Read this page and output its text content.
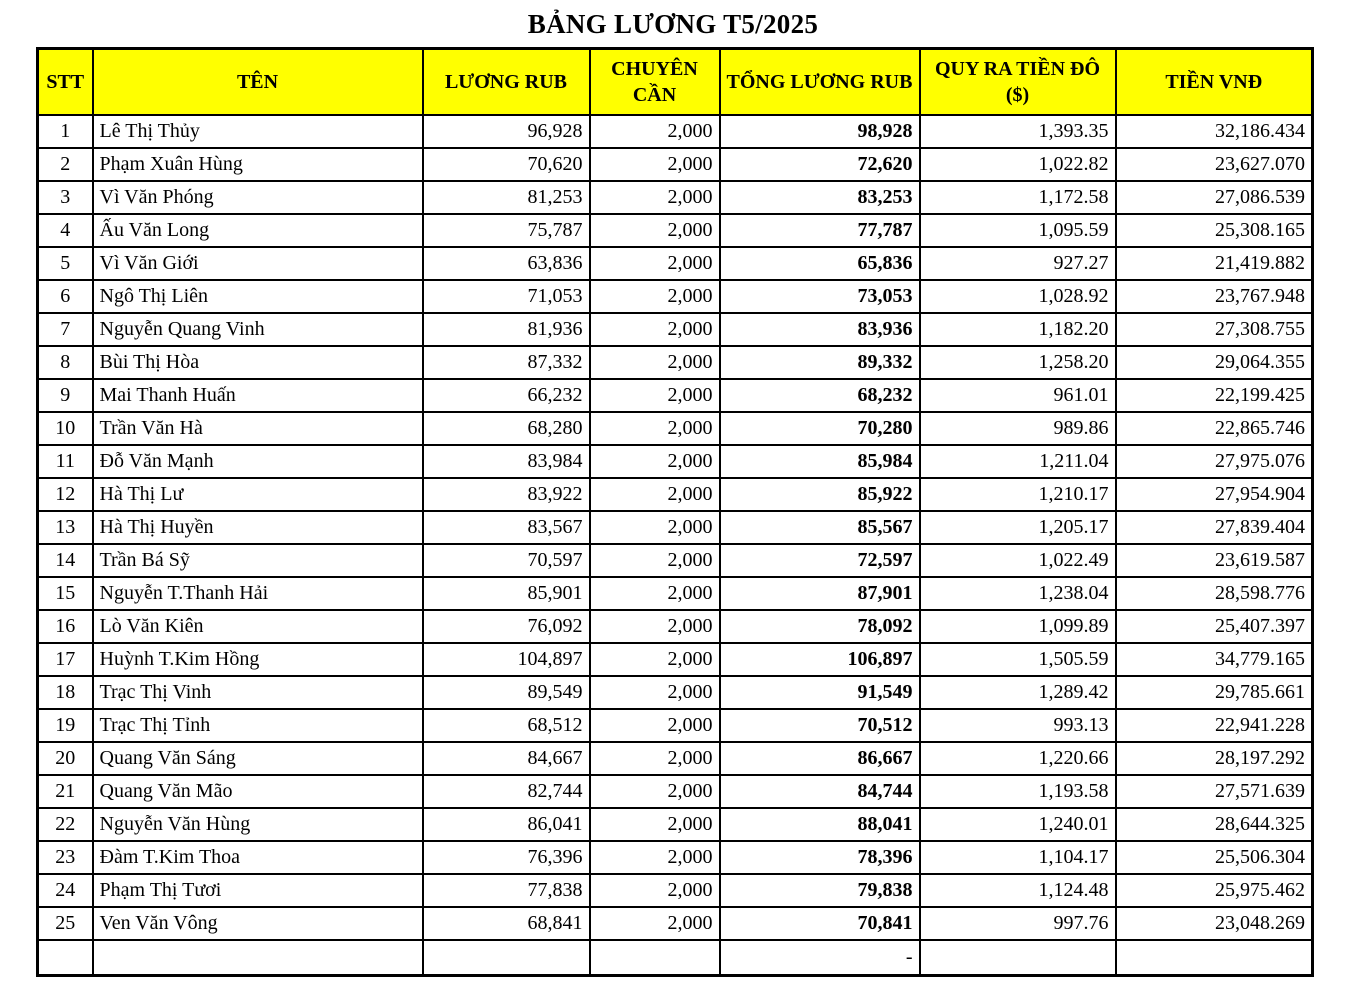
BẢNG LƯƠNG T5/2025
STT	TÊN	LƯƠNG RUB	CHUYÊN CẦN	TỔNG LƯƠNG RUB	QUY RA TIỀN ĐÔ ($)	TIỀN VNĐ
1	Lê Thị Thủy	96,928	2,000	98,928	1,393.35	32,186.434
2	Phạm Xuân Hùng	70,620	2,000	72,620	1,022.82	23,627.070
3	Vì Văn Phóng	81,253	2,000	83,253	1,172.58	27,086.539
4	Ấu Văn Long	75,787	2,000	77,787	1,095.59	25,308.165
5	Vì Văn Giới	63,836	2,000	65,836	927.27	21,419.882
6	Ngô Thị Liên	71,053	2,000	73,053	1,028.92	23,767.948
7	Nguyễn Quang Vinh	81,936	2,000	83,936	1,182.20	27,308.755
8	Bùi Thị Hòa	87,332	2,000	89,332	1,258.20	29,064.355
9	Mai Thanh Huấn	66,232	2,000	68,232	961.01	22,199.425
10	Trần Văn Hà	68,280	2,000	70,280	989.86	22,865.746
11	Đỗ Văn Mạnh	83,984	2,000	85,984	1,211.04	27,975.076
12	Hà Thị Lư	83,922	2,000	85,922	1,210.17	27,954.904
13	Hà Thị Huyền	83,567	2,000	85,567	1,205.17	27,839.404
14	Trần Bá Sỹ	70,597	2,000	72,597	1,022.49	23,619.587
15	Nguyễn T.Thanh Hải	85,901	2,000	87,901	1,238.04	28,598.776
16	Lò Văn Kiên	76,092	2,000	78,092	1,099.89	25,407.397
17	Huỳnh T.Kim Hồng	104,897	2,000	106,897	1,505.59	34,779.165
18	Trạc Thị Vinh	89,549	2,000	91,549	1,289.42	29,785.661
19	Trạc Thị Tỉnh	68,512	2,000	70,512	993.13	22,941.228
20	Quang Văn Sáng	84,667	2,000	86,667	1,220.66	28,197.292
21	Quang Văn Mão	82,744	2,000	84,744	1,193.58	27,571.639
22	Nguyễn Văn Hùng	86,041	2,000	88,041	1,240.01	28,644.325
23	Đàm T.Kim Thoa	76,396	2,000	78,396	1,104.17	25,506.304
24	Phạm Thị Tươi	77,838	2,000	79,838	1,124.48	25,975.462
25	Ven Văn Vông	68,841	2,000	70,841	997.76	23,048.269
				-		
